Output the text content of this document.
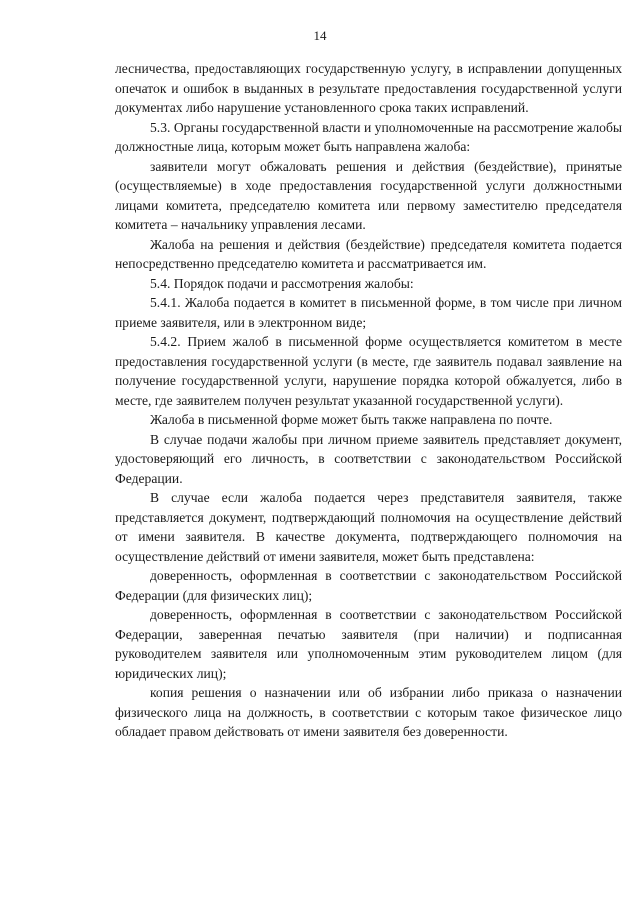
14

лесничества, предоставляющих государственную услугу, в исправлении допущенных опечаток и ошибок в выданных в результате предоставления государственной услуги документах либо нарушение установленного срока таких исправлений.

5.3. Органы государственной власти и уполномоченные на рассмотрение жалобы должностные лица, которым может быть направлена жалоба:

заявители могут обжаловать решения и действия (бездействие), принятые (осуществляемые) в ходе предоставления государственной услуги должностными лицами комитета, председателю комитета или первому заместителю председателя комитета – начальнику управления лесами.

Жалоба на решения и действия (бездействие) председателя комитета подается непосредственно председателю комитета и рассматривается им.

5.4. Порядок подачи и рассмотрения жалобы:

5.4.1. Жалоба подается в комитет в письменной форме, в том числе при личном приеме заявителя, или в электронном виде;

5.4.2. Прием жалоб в письменной форме осуществляется комитетом в месте предоставления государственной услуги (в месте, где заявитель подавал заявление на получение государственной услуги, нарушение порядка которой обжалуется, либо в месте, где заявителем получен результат указанной государственной услуги).

Жалоба в письменной форме может быть также направлена по почте.

В случае подачи жалобы при личном приеме заявитель представляет документ, удостоверяющий его личность, в соответствии с законодательством Российской Федерации.

В случае если жалоба подается через представителя заявителя, также представляется документ, подтверждающий полномочия на осуществление действий от имени заявителя. В качестве документа, подтверждающего полномочия на осуществление действий от имени заявителя, может быть представлена:

доверенность, оформленная в соответствии с законодательством Российской Федерации (для физических лиц);

доверенность, оформленная в соответствии с законодательством Российской Федерации, заверенная печатью заявителя (при наличии) и подписанная руководителем заявителя или уполномоченным этим руководителем лицом (для юридических лиц);

копия решения о назначении или об избрании либо приказа о назначении физического лица на должность, в соответствии с которым такое физическое лицо обладает правом действовать от имени заявителя без доверенности.
